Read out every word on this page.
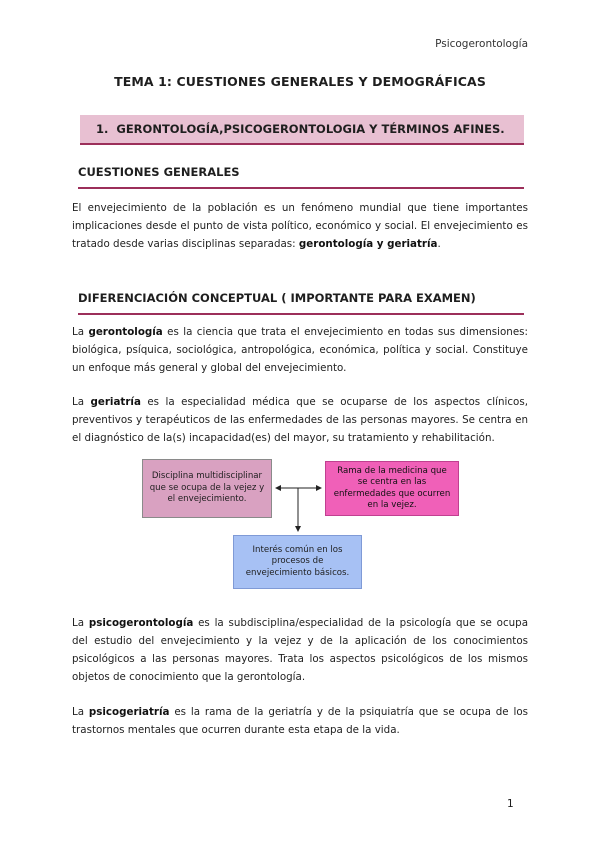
Psicogerontología
TEMA 1: CUESTIONES GENERALES Y DEMOGRÁFICAS
1. GERONTOLOGÍA,PSICOGERONTOLOGIA Y TÉRMINOS AFINES.
CUESTIONES GENERALES
El envejecimiento de la población es un fenómeno mundial que tiene importantes implicaciones desde el punto de vista político, económico y social. El envejecimiento es tratado desde varias disciplinas separadas: gerontología y geriatría.
DIFERENCIACIÓN CONCEPTUAL ( IMPORTANTE PARA EXAMEN)
La gerontología es la ciencia que trata el envejecimiento en todas sus dimensiones: biológica, psíquica, sociológica, antropológica, económica, política y social. Constituye un enfoque más general y global del envejecimiento.
La geriatría es la especialidad médica que se ocuparse de los aspectos clínicos, preventivos y terapéuticos de las enfermedades de las personas mayores. Se centra en el diagnóstico de la(s) incapacidad(es) del mayor, su tratamiento y rehabilitación.
Disciplina multidisciplinar que se ocupa de la vejez y el envejecimiento.
Rama de la medicina que se centra en las enfermedades que ocurren en la vejez.
Interés común en los procesos de envejecimiento básicos.
La psicogerontología es la subdisciplina/especialidad de la psicología que se ocupa del estudio del envejecimiento y la vejez y de la aplicación de los conocimientos psicológicos a las personas mayores. Trata los aspectos psicológicos de los mismos objetos de conocimiento que la gerontología.
La psicogeriatría es la rama de la geriatría y de la psiquiatría que se ocupa de los trastornos mentales que ocurren durante esta etapa de la vida.
1
